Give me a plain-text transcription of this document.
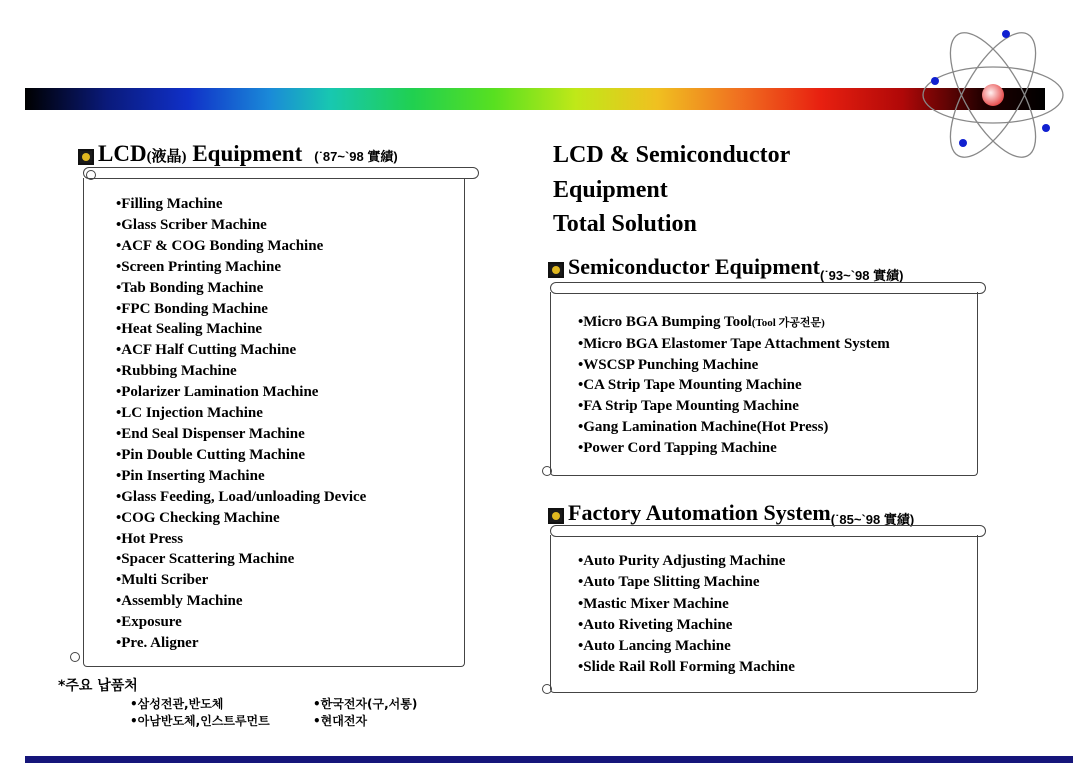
LCD(液晶) Equipment (˙87~`98 實績)
• Filling Machine
• Glass Scriber Machine
• ACF & COG Bonding Machine
• Screen Printing Machine
• Tab Bonding Machine
• FPC Bonding Machine
• Heat Sealing Machine
• ACF Half Cutting Machine
• Rubbing Machine
• Polarizer Lamination Machine
• LC Injection Machine
• End Seal Dispenser Machine
• Pin Double Cutting Machine
• Pin Inserting Machine
• Glass Feeding, Load/unloading Device
• COG Checking Machine
• Hot Press
• Spacer Scattering Machine
• Multi Scriber
• Assembly Machine
• Exposure
• Pre. Aligner
*주요 납품처
•삼성전관,반도체	•한국전자(구,서통)
•아남반도체,인스트루먼트	•현대전자
LCD & Semiconductor
Equipment
Total Solution
Semiconductor Equipment$_{(˙93\sim`98 實績)}$
• Micro BGA Bumping Tool(Tool 가공전문)
• Micro BGA Elastomer Tape Attachment System
• WSCSP Punching Machine
• CA Strip Tape Mounting Machine
• FA Strip Tape Mounting Machine
• Gang Lamination Machine(Hot Press)
• Power Cord Tapping Machine
Factory Automation System$_{(˙85\sim`98 實績)}$
• Auto Purity Adjusting Machine
• Auto Tape Slitting Machine
• Mastic Mixer Machine
• Auto Riveting Machine
• Auto Lancing Machine
• Slide Rail Roll Forming Machine
